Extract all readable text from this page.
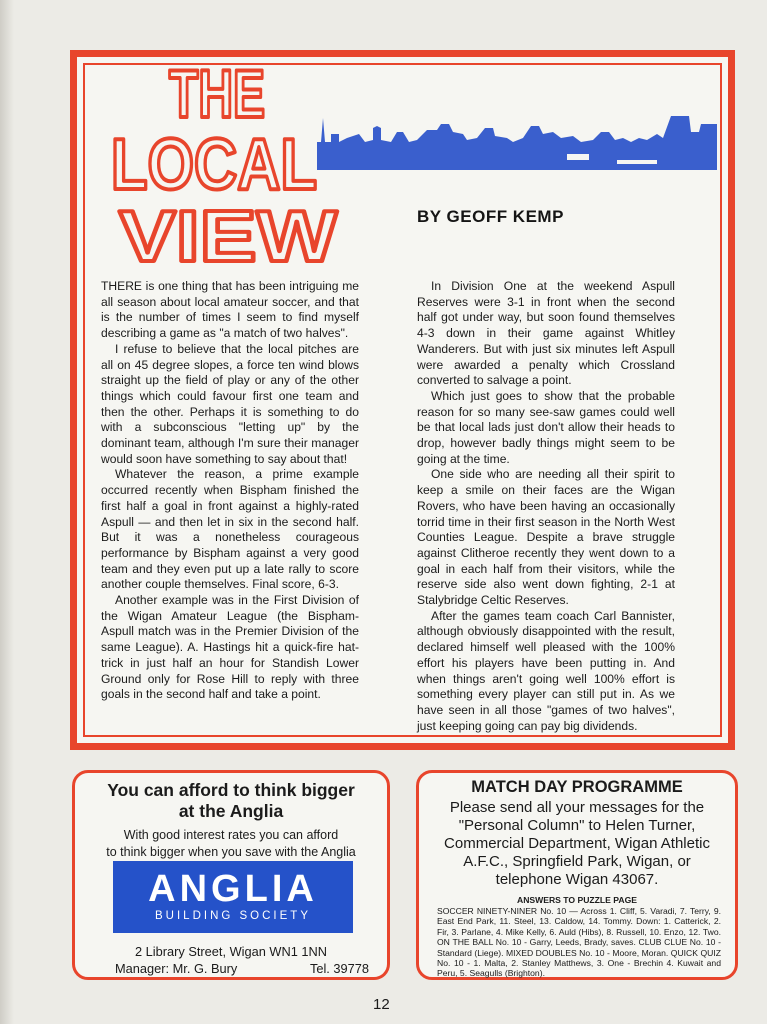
THE
LOCAL
VIEW	BY GEOFF KEMP

THERE is one thing that has been intriguing me all season about local amateur soccer, and that is the number of times I seem to find myself describing a game as "a match of two halves".

I refuse to believe that the local pitches are all on 45 degree slopes, a force ten wind blows straight up the field of play or any of the other things which could favour first one team and then the other. Perhaps it is something to do with a subconscious "letting up" by the dominant team, although I'm sure their manager would soon have something to say about that!

Whatever the reason, a prime example occurred recently when Bispham finished the first half a goal in front against a highly-rated Aspull — and then let in six in the second half. But it was a nonetheless courageous performance by Bispham against a very good team and they even put up a late rally to score another couple themselves. Final score, 6-3.

Another example was in the First Division of the Wigan Amateur League (the Bispham-Aspull match was in the Premier Division of the same League). A. Hastings hit a quick-fire hat-trick in just half an hour for Standish Lower Ground only for Rose Hill to reply with three goals in the second half and take a point.

In Division One at the weekend Aspull Reserves were 3-1 in front when the second half got under way, but soon found themselves 4-3 down in their game against Whitley Wanderers. But with just six minutes left Aspull were awarded a penalty which Crossland converted to salvage a point.

Which just goes to show that the probable reason for so many see-saw games could well be that local lads just don't allow their heads to drop, however badly things might seem to be going at the time.

One side who are needing all their spirit to keep a smile on their faces are the Wigan Rovers, who have been having an occasionally torrid time in their first season in the North West Counties League. Despite a brave struggle against Clitheroe recently they went down to a goal in each half from their visitors, while the reserve side also went down fighting, 2-1 at Stalybridge Celtic Reserves.

After the games team coach Carl Bannister, although obviously disappointed with the result, declared himself well pleased with the 100% effort his players have been putting in. And when things aren't going well 100% effort is something every player can still put in. As we have seen in all those "games of two halves", just keeping going can pay big dividends.

You can afford to think bigger
at the Anglia
With good interest rates you can afford
to think bigger when you save with the Anglia
ANGLIA
BUILDING SOCIETY
2 Library Street, Wigan WN1 1NN
Manager: Mr. G. Bury	Tel. 39778
MATCH DAY PROGRAMME
Please send all your messages for the "Personal Column" to Helen Turner, Commercial Department, Wigan Athletic A.F.C., Springfield Park, Wigan, or telephone Wigan 43067.
ANSWERS TO PUZZLE PAGE
SOCCER NINETY-NINER No. 10 — Across 1. Cliff, 5. Varadi, 7. Terry, 9. East End Park, 11. Steel, 13. Caldow, 14. Tommy. Down: 1. Catterick, 2. Fir, 3. Parlane, 4. Mike Kelly, 6. Auld (Hibs), 8. Russell, 10. Enzo, 12. Two. ON THE BALL No. 10 - Garry, Leeds, Brady, saves. CLUB CLUE No. 10 - Standard (Liege). MIXED DOUBLES No. 10 - Moore, Moran. QUICK QUIZ No. 10 - 1. Malta, 2. Stanley Matthews, 3. One - Brechin 4. Kuwait and Peru, 5. Seagulls (Brighton).
12
